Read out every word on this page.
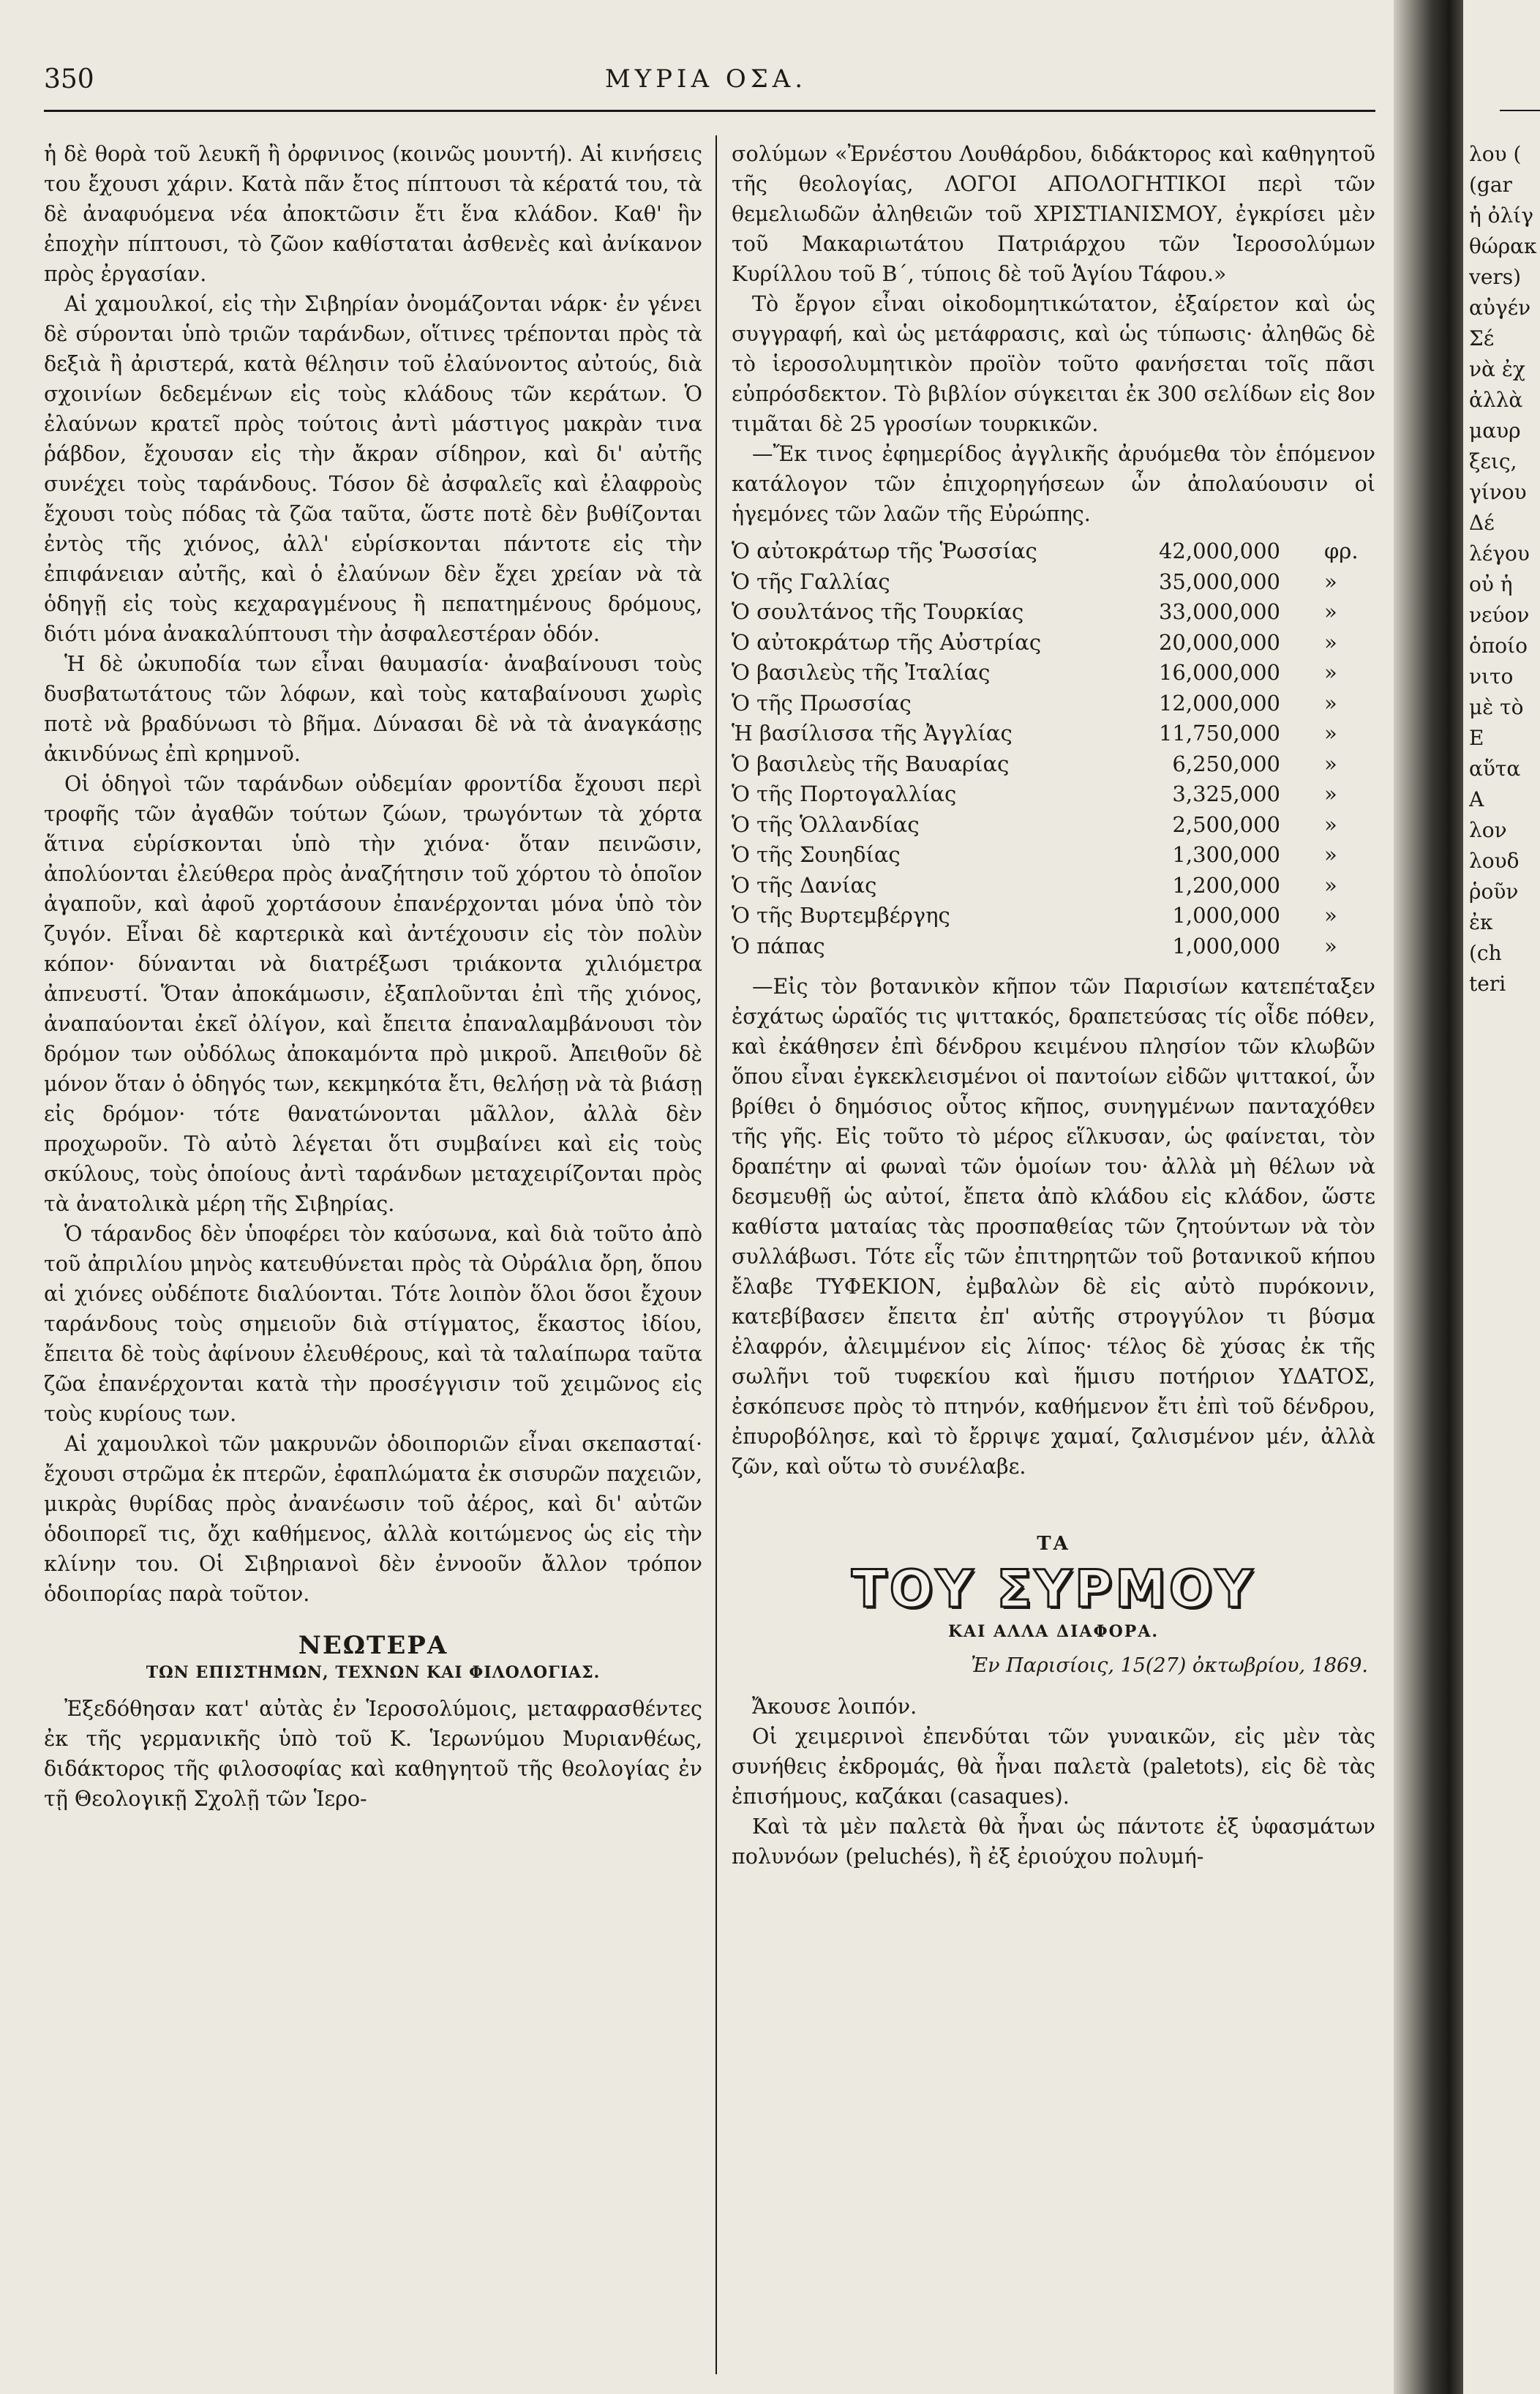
350	ΜΥΡΙΑ ΟΣΑ.

ἡ δὲ θορὰ τοῦ λευκῆ ἢ ὀρφνινος (κοινῶς μουντή). Αἱ κινήσεις του ἔχουσι χάριν. Κατὰ πᾶν ἔτος πίπτουσι τὰ κέρατά του, τὰ δὲ ἀναφυόμενα νέα ἀποκτῶσιν ἔτι ἕνα κλάδον. Καθ' ἣν ἐποχὴν πίπτουσι, τὸ ζῶον καθίσταται ἀσθενὲς καὶ ἀνίκανον πρὸς ἐργασίαν.

Αἱ χαμουλκοί, εἰς τὴν Σιβηρίαν ὀνομάζονται νάρκ· ἐν γένει δὲ σύρονται ὑπὸ τριῶν ταράνδων, οἵτινες τρέπονται πρὸς τὰ δεξιὰ ἢ ἀριστερά, κατὰ θέλησιν τοῦ ἐλαύνοντος αὐτούς, διὰ σχοινίων δεδεμένων εἰς τοὺς κλάδους τῶν κεράτων. Ὁ ἐλαύνων κρατεῖ πρὸς τούτοις ἀντὶ μάστιγος μακρὰν τινα ῥάβδον, ἔχουσαν εἰς τὴν ἄκραν σίδηρον, καὶ δι' αὐτῆς συνέχει τοὺς ταράνδους. Τόσον δὲ ἀσφαλεῖς καὶ ἐλαφροὺς ἔχουσι τοὺς πόδας τὰ ζῶα ταῦτα, ὥστε ποτὲ δὲν βυθίζονται ἐντὸς τῆς χιόνος, ἀλλ' εὑρίσκονται πάντοτε εἰς τὴν ἐπιφάνειαν αὐτῆς, καὶ ὁ ἐλαύνων δὲν ἔχει χρείαν νὰ τὰ ὁδηγῇ εἰς τοὺς κεχαραγμένους ἢ πεπατημένους δρόμους, διότι μόνα ἀνακαλύπτουσι τὴν ἀσφαλεστέραν ὁδόν.

Ἡ δὲ ὠκυποδία των εἶναι θαυμασία· ἀναβαίνουσι τοὺς δυσβατωτάτους τῶν λόφων, καὶ τοὺς καταβαίνουσι χωρὶς ποτὲ νὰ βραδύνωσι τὸ βῆμα. Δύνασαι δὲ νὰ τὰ ἀναγκάσῃς ἀκινδύνως ἐπὶ κρημνοῦ.

Οἱ ὁδηγοὶ τῶν ταράνδων οὐδεμίαν φροντίδα ἔχουσι περὶ τροφῆς τῶν ἀγαθῶν τούτων ζώων, τρωγόντων τὰ χόρτα ἅτινα εὑρίσκονται ὑπὸ τὴν χιόνα· ὅταν πεινῶσιν, ἀπολύονται ἐλεύθερα πρὸς ἀναζήτησιν τοῦ χόρτου τὸ ὁποῖον ἀγαποῦν, καὶ ἀφοῦ χορτάσουν ἐπανέρχονται μόνα ὑπὸ τὸν ζυγόν. Εἶναι δὲ καρτερικὰ καὶ ἀντέχουσιν εἰς τὸν πολὺν κόπον· δύνανται νὰ διατρέξωσι τριάκοντα χιλιόμετρα ἀπνευστί. Ὅταν ἀποκάμωσιν, ἐξαπλοῦνται ἐπὶ τῆς χιόνος, ἀναπαύονται ἐκεῖ ὀλίγον, καὶ ἔπειτα ἐπαναλαμβάνουσι τὸν δρόμον των οὐδόλως ἀποκαμόντα πρὸ μικροῦ. Ἀπειθοῦν δὲ μόνον ὅταν ὁ ὁδηγός των, κεκμηκότα ἔτι, θελήσῃ νὰ τὰ βιάσῃ εἰς δρόμον· τότε θανατώνονται μᾶλλον, ἀλλὰ δὲν προχωροῦν. Τὸ αὐτὸ λέγεται ὅτι συμβαίνει καὶ εἰς τοὺς σκύλους, τοὺς ὁποίους ἀντὶ ταράνδων μεταχειρίζονται πρὸς τὰ ἀνατολικὰ μέρη τῆς Σιβηρίας.

Ὁ τάρανδος δὲν ὑποφέρει τὸν καύσωνα, καὶ διὰ τοῦτο ἀπὸ τοῦ ἀπριλίου μηνὸς κατευθύνεται πρὸς τὰ Οὐράλια ὄρη, ὅπου αἱ χιόνες οὐδέποτε διαλύονται. Τότε λοιπὸν ὅλοι ὅσοι ἔχουν ταράνδους τοὺς σημειοῦν διὰ στίγματος, ἕκαστος ἰδίου, ἔπειτα δὲ τοὺς ἀφίνουν ἐλευθέρους, καὶ τὰ ταλαίπωρα ταῦτα ζῶα ἐπανέρχονται κατὰ τὴν προσέγγισιν τοῦ χειμῶνος εἰς τοὺς κυρίους των.

Αἱ χαμουλκοὶ τῶν μακρυνῶν ὁδοιποριῶν εἶναι σκεπασταί· ἔχουσι στρῶμα ἐκ πτερῶν, ἐφαπλώματα ἐκ σισυρῶν παχειῶν, μικρὰς θυρίδας πρὸς ἀνανέωσιν τοῦ ἀέρος, καὶ δι' αὐτῶν ὁδοιπορεῖ τις, ὄχι καθήμενος, ἀλλὰ κοιτώμενος ὡς εἰς τὴν κλίνην του. Οἱ Σιβηριανοὶ δὲν ἐννοοῦν ἄλλον τρόπον ὁδοιπορίας παρὰ τοῦτον.

ΝΕΩΤΕΡΑ
ΤΩΝ ΕΠΙΣΤΗΜΩΝ, ΤΕΧΝΩΝ ΚΑΙ ΦΙΛΟΛΟΓΙΑΣ.

Ἐξεδόθησαν κατ' αὐτὰς ἐν Ἱεροσολύμοις, μεταφρασθέντες ἐκ τῆς γερμανικῆς ὑπὸ τοῦ Κ. Ἱερωνύμου Μυριανθέως, διδάκτορος τῆς φιλοσοφίας καὶ καθηγητοῦ τῆς θεολογίας ἐν τῇ Θεολογικῇ Σχολῇ τῶν Ἱερο-

σολύμων «Ἐρνέστου Λουθάρδου, διδάκτορος καὶ καθηγητοῦ τῆς θεολογίας, ΛΟΓΟΙ ΑΠΟΛΟΓΗΤΙΚΟΙ περὶ τῶν θεμελιωδῶν ἀληθειῶν τοῦ ΧΡΙΣΤΙΑΝΙΣΜΟΥ, ἐγκρίσει μὲν τοῦ Μακαριωτάτου Πατριάρχου τῶν Ἱεροσολύμων Κυρίλλου τοῦ Β΄, τύποις δὲ τοῦ Ἁγίου Τάφου.»

Τὸ ἔργον εἶναι οἰκοδομητικώτατον, ἐξαίρετον καὶ ὡς συγγραφή, καὶ ὡς μετάφρασις, καὶ ὡς τύπωσις· ἀληθῶς δὲ τὸ ἱεροσολυμητικὸν προϊὸν τοῦτο φανήσεται τοῖς πᾶσι εὐπρόσδεκτον. Τὸ βιβλίον σύγκειται ἐκ 300 σελίδων εἰς 8ον τιμᾶται δὲ 25 γροσίων τουρκικῶν.

—Ἔκ τινος ἐφημερίδος ἀγγλικῆς ἀρυόμεθα τὸν ἑπόμενον κατάλογον τῶν ἐπιχορηγήσεων ὧν ἀπολαύουσιν οἱ ἡγεμόνες τῶν λαῶν τῆς Εὐρώπης.

Ὁ αὐτοκράτωρ τῆς Ῥωσσίας	42,000,000	φρ.
Ὁ τῆς Γαλλίας	35,000,000	»
Ὁ σουλτάνος τῆς Τουρκίας	33,000,000	»
Ὁ αὐτοκράτωρ τῆς Αὐστρίας	20,000,000	»
Ὁ βασιλεὺς τῆς Ἰταλίας	16,000,000	»
Ὁ τῆς Πρωσσίας	12,000,000	»
Ἡ βασίλισσα τῆς Ἀγγλίας	11,750,000	»
Ὁ βασιλεὺς τῆς Βαυαρίας	6,250,000	»
Ὁ τῆς Πορτογαλλίας	3,325,000	»
Ὁ τῆς Ὁλλανδίας	2,500,000	»
Ὁ τῆς Σουηδίας	1,300,000	»
Ὁ τῆς Δανίας	1,200,000	»
Ὁ τῆς Βυρτεμβέργης	1,000,000	»
Ὁ πάπας	1,000,000	»

—Εἰς τὸν βοτανικὸν κῆπον τῶν Παρισίων κατεπέταξεν ἐσχάτως ὡραῖός τις ψιττακός, δραπετεύσας τίς οἶδε πόθεν, καὶ ἐκάθησεν ἐπὶ δένδρου κειμένου πλησίον τῶν κλωβῶν ὅπου εἶναι ἐγκεκλεισμένοι οἱ παντοίων εἰδῶν ψιττακοί, ὧν βρίθει ὁ δημόσιος οὗτος κῆπος, συνηγμένων πανταχόθεν τῆς γῆς. Εἰς τοῦτο τὸ μέρος εἵλκυσαν, ὡς φαίνεται, τὸν δραπέτην αἱ φωναὶ τῶν ὁμοίων του· ἀλλὰ μὴ θέλων νὰ δεσμευθῇ ὡς αὐτοί, ἔπετα ἀπὸ κλάδου εἰς κλάδον, ὥστε καθίστα ματαίας τὰς προσπαθείας τῶν ζητούντων νὰ τὸν συλλάβωσι. Τότε εἷς τῶν ἐπιτηρητῶν τοῦ βοτανικοῦ κήπου ἔλαβε ΤΥΦΕΚΙΟΝ, ἐμβαλὼν δὲ εἰς αὐτὸ πυρόκονιν, κατεβίβασεν ἔπειτα ἐπ' αὐτῆς στρογγύλον τι βύσμα ἐλαφρόν, ἀλειμμένον εἰς λίπος· τέλος δὲ χύσας ἐκ τῆς σωλῆνι τοῦ τυφεκίου καὶ ἥμισυ ποτήριον ΥΔΑΤΟΣ, ἐσκόπευσε πρὸς τὸ πτηνόν, καθήμενον ἔτι ἐπὶ τοῦ δένδρου, ἐπυροβόλησε, καὶ τὸ ἔρριψε χαμαί, ζαλισμένον μέν, ἀλλὰ ζῶν, καὶ οὕτω τὸ συνέλαβε.

ΤΑ
ΤΟΥ ΣΥΡΜΟΥ
ΚΑΙ ΑΛΛΑ ΔΙΑΦΟΡΑ.
Ἐν Παρισίοις, 15(27) ὀκτωβρίου, 1869.

Ἄκουσε λοιπόν.

Οἱ χειμερινοὶ ἐπενδύται τῶν γυναικῶν, εἰς μὲν τὰς συνήθεις ἐκδρομάς, θὰ ἦναι παλετὰ (paletots), εἰς δὲ τὰς ἐπισήμους, καζάκαι (casaques).

Καὶ τὰ μὲν παλετὰ θὰ ἦναι ὡς πάντοτε ἐξ ὑφασμάτων πολυνόων (peluchés), ἢ ἐξ ἐριούχου πολυμή-

λου (
(gar
ἡ ὀλίγ
θώρακ
vers)
αὐγέν
Σέ
νὰ ἐχ
ἀλλὰ
μαυρ
ξεις,
γίνου
Δέ
λέγου
οὐ ἡ
νεύον
ὁποίο
νιτο
μὲ τὸ
Ε
αὕτα
Α
λον
λουδ
ῥοῦν
ἐκ
(ch
teri
